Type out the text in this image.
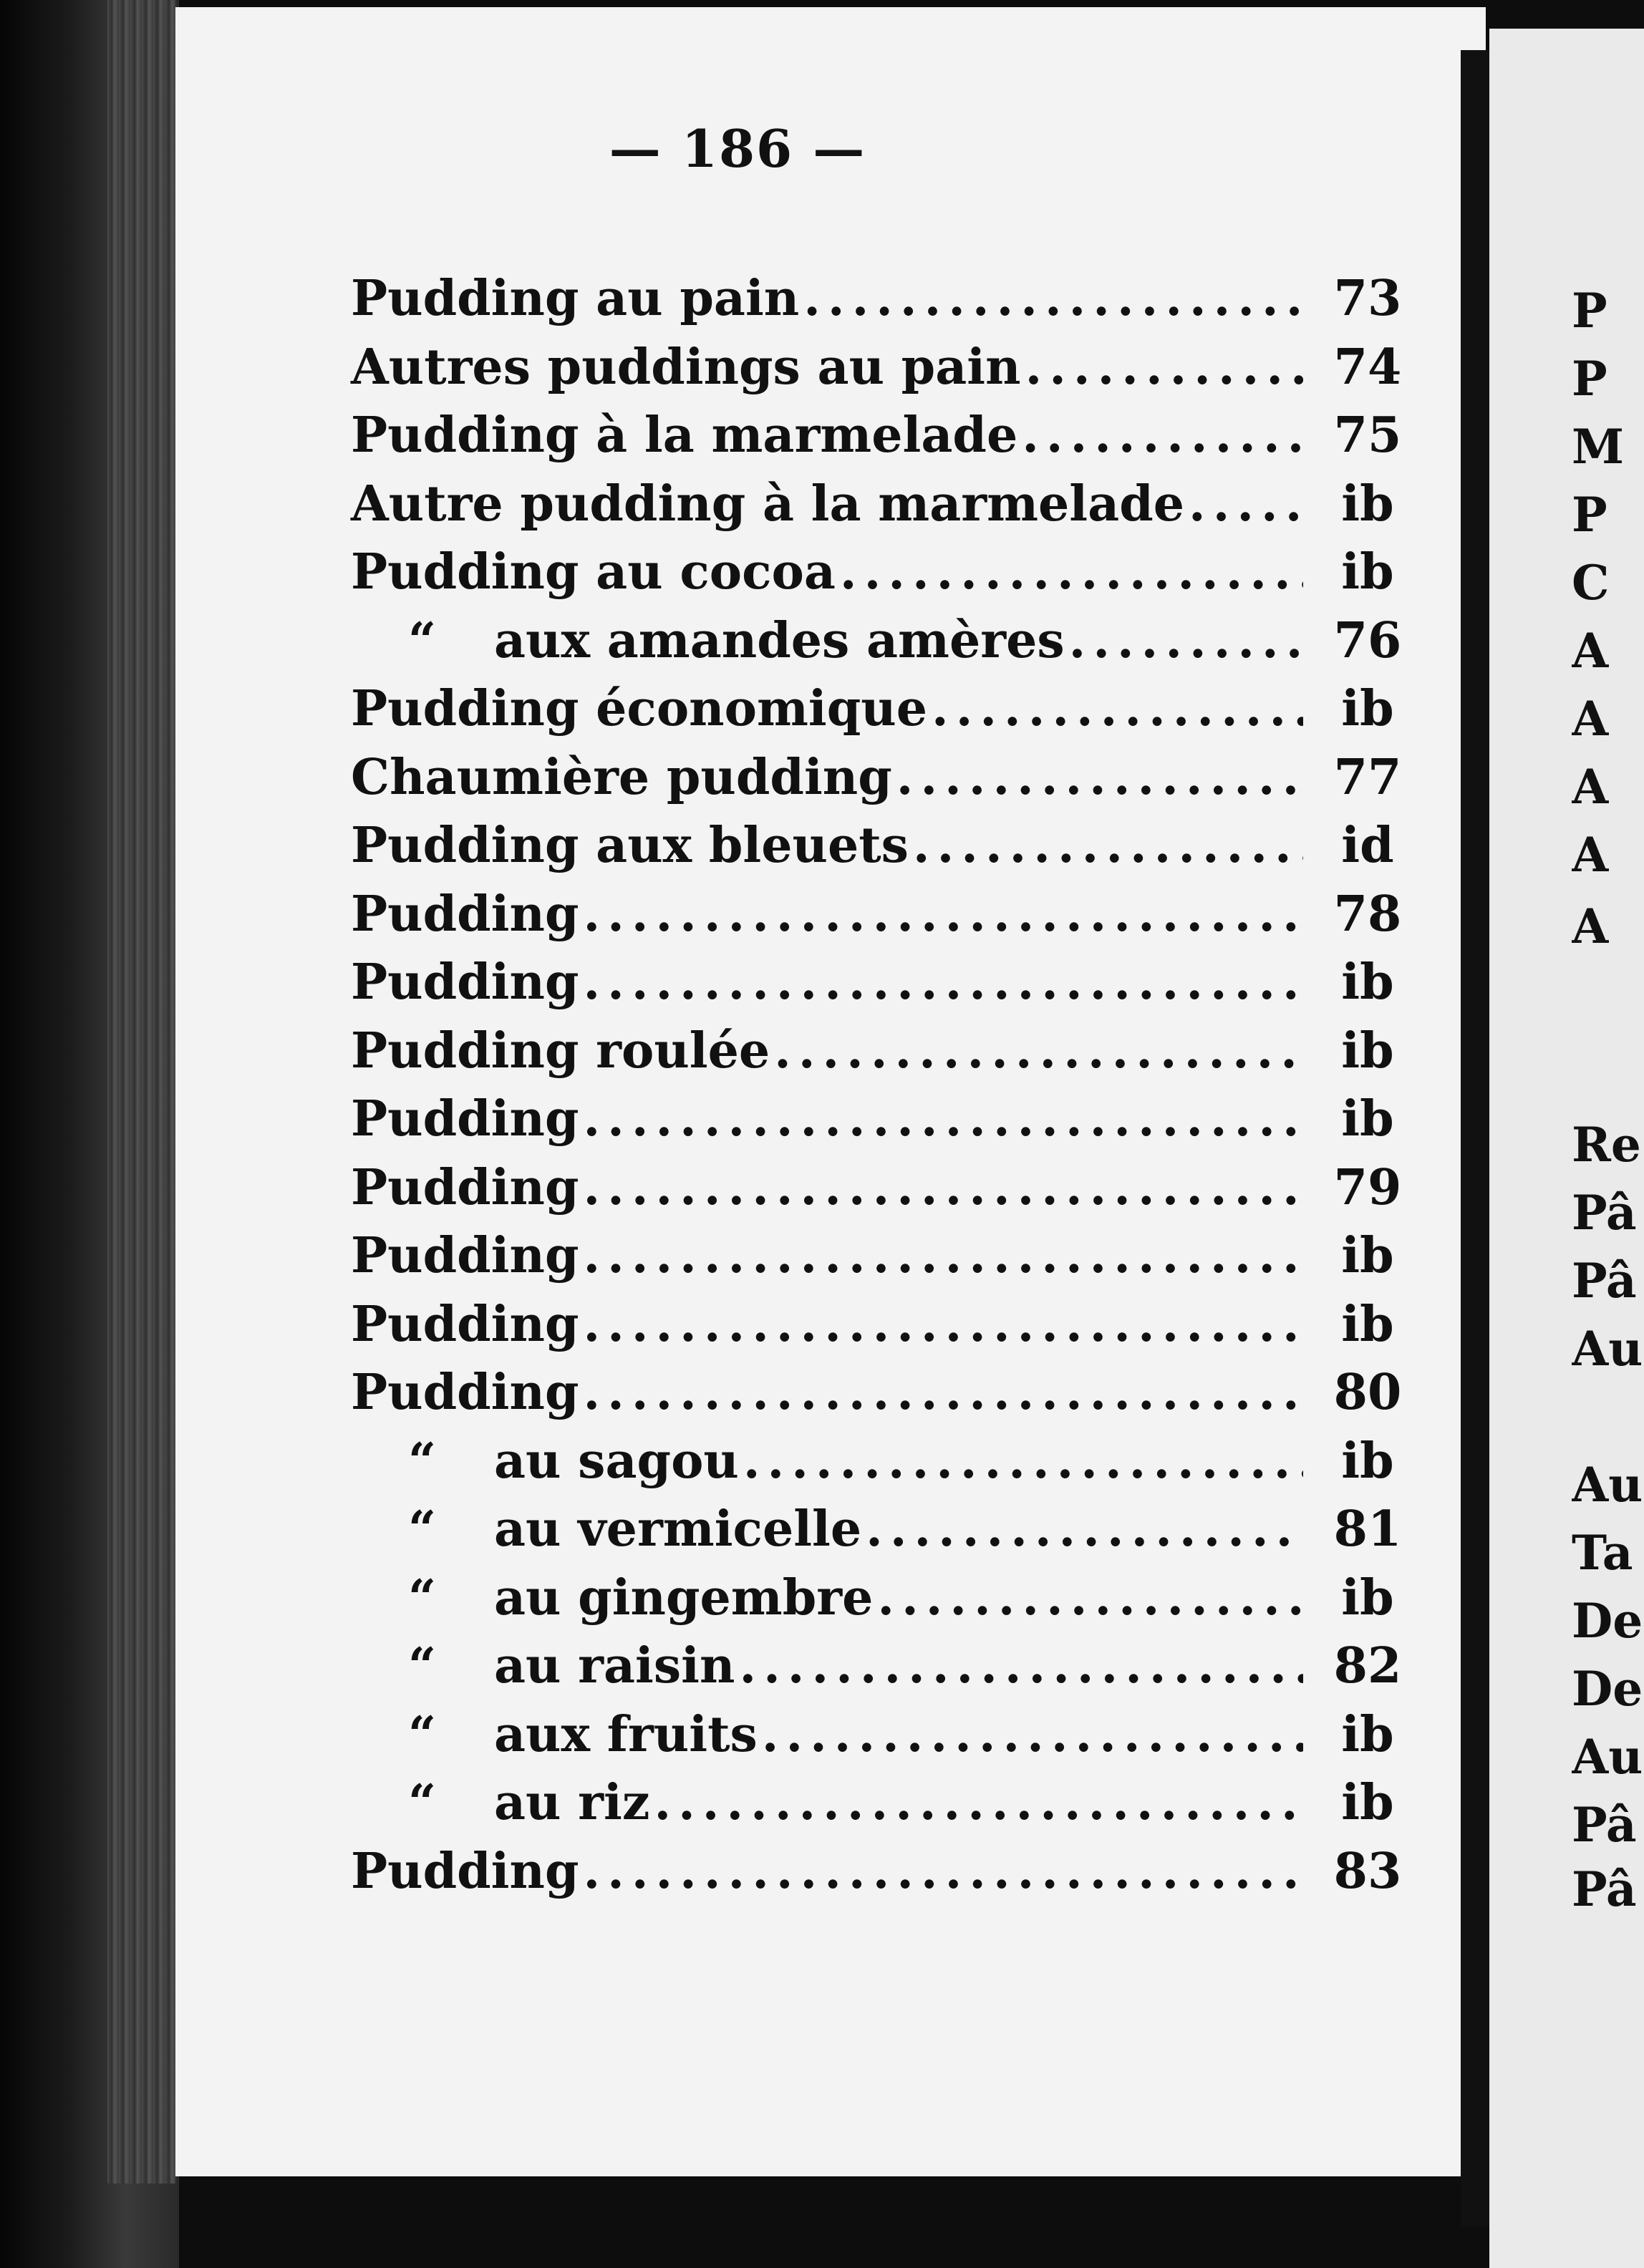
— 186 —
Pudding au pain .....	73
Autres puddings au pain .....	74
Pudding à la marmelade .....	75
Autre pudding à la marmelade .....	ib
Pudding au cocoa .....	ib
“	aux amandes amères .....	76
Pudding économique .....	ib
Chaumière pudding .....	77
Pudding aux bleuets .....	id
Pudding .....	78
Pudding .....	ib
Pudding roulée .....	ib
Pudding .....	ib
Pudding .....	79
Pudding .....	ib
Pudding .....	ib
Pudding .....	80
“	au sagou .....	ib
“	au vermicelle .....	81
“	au gingembre .....	ib
“	au raisin .....	82
“	aux fruits .....	ib
“	au riz .....	ib
Pudding .....	83
P
P
M
P
C
A
A
A
A
A
Re
Pâ
Pâ
Au
Au
Ta
De
De
Au
Pâ
Pâ
